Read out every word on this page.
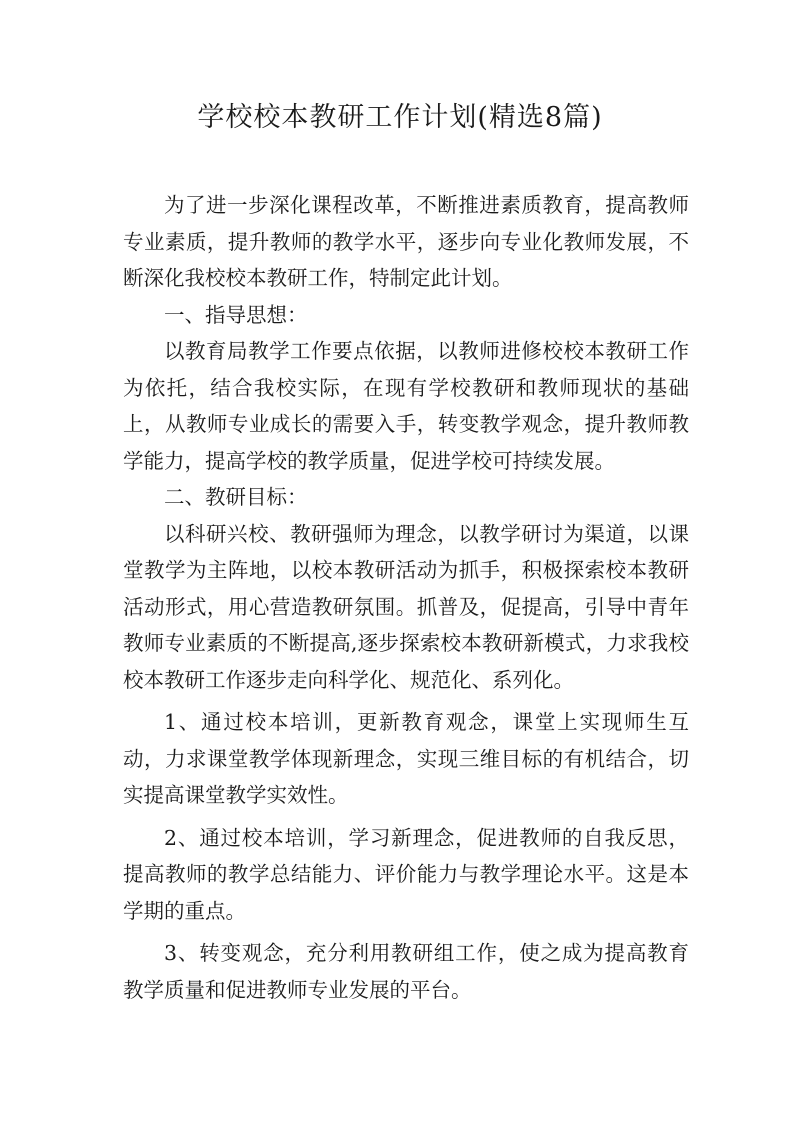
学校校本教研工作计划(精选8篇)

为了进一步深化课程改革，不断推进素质教育，提高教师专业素质，提升教师的教学水平，逐步向专业化教师发展，不断深化我校校本教研工作，特制定此计划。

一、指导思想：

以教育局教学工作要点依据，以教师进修校校本教研工作为依托，结合我校实际，在现有学校教研和教师现状的基础上，从教师专业成长的需要入手，转变教学观念，提升教师教学能力，提高学校的教学质量，促进学校可持续发展。

二、教研目标：

以科研兴校、教研强师为理念，以教学研讨为渠道，以课堂教学为主阵地，以校本教研活动为抓手，积极探索校本教研活动形式，用心营造教研氛围。抓普及，促提高，引导中青年教师专业素质的不断提高,逐步探索校本教研新模式，力求我校校本教研工作逐步走向科学化、规范化、系列化。

1、通过校本培训，更新教育观念，课堂上实现师生互动，力求课堂教学体现新理念，实现三维目标的有机结合，切实提高课堂教学实效性。

2、通过校本培训，学习新理念，促进教师的自我反思，提高教师的教学总结能力、评价能力与教学理论水平。这是本学期的重点。

3、转变观念，充分利用教研组工作，使之成为提高教育教学质量和促进教师专业发展的平台。
